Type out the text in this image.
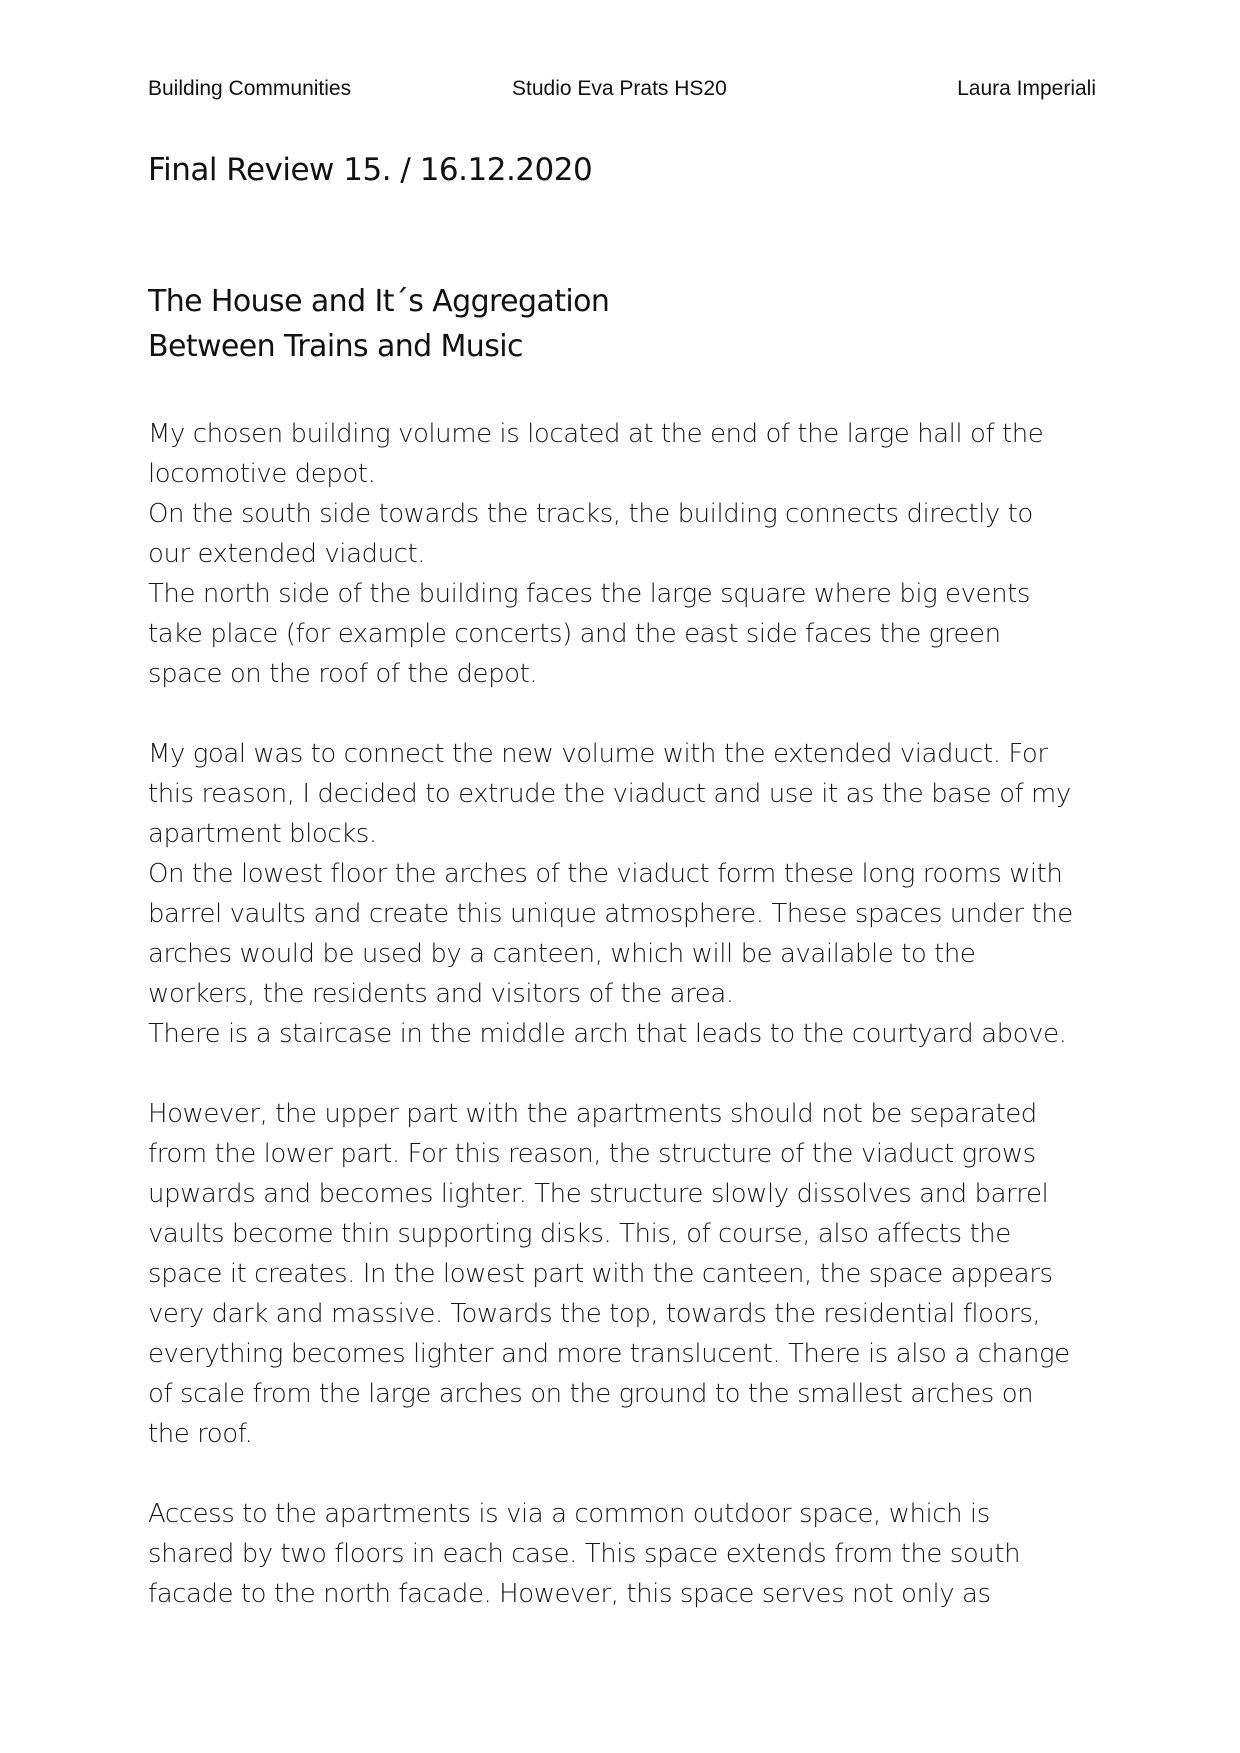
Building Communities	Studio Eva Prats HS20	Laura Imperiali
Final Review 15. / 16.12.2020
The House and It´s Aggregation
Between Trains and Music

My chosen building volume is located at the end of the large hall of the
locomotive depot.
On the south side towards the tracks, the building connects directly to
our extended viaduct.
The north side of the building faces the large square where big events
take place (for example concerts) and the east side faces the green
space on the roof of the depot.

My goal was to connect the new volume with the extended viaduct. For
this reason, I decided to extrude the viaduct and use it as the base of my
apartment blocks.
On the lowest floor the arches of the viaduct form these long rooms with
barrel vaults and create this unique atmosphere. These spaces under the
arches would be used by a canteen, which will be available to the
workers, the residents and visitors of the area.
There is a staircase in the middle arch that leads to the courtyard above.

However, the upper part with the apartments should not be separated
from the lower part. For this reason, the structure of the viaduct grows
upwards and becomes lighter. The structure slowly dissolves and barrel
vaults become thin supporting disks. This, of course, also affects the
space it creates. In the lowest part with the canteen, the space appears
very dark and massive. Towards the top, towards the residential floors,
everything becomes lighter and more translucent. There is also a change
of scale from the large arches on the ground to the smallest arches on
the roof.

Access to the apartments is via a common outdoor space, which is
shared by two floors in each case. This space extends from the south
facade to the north facade. However, this space serves not only as
